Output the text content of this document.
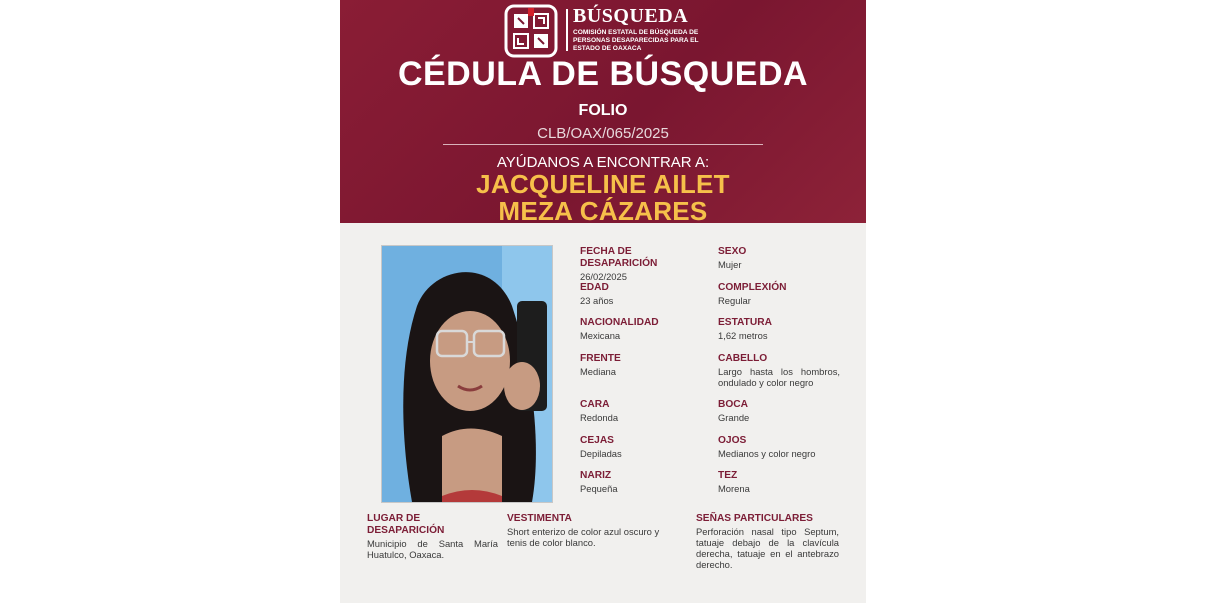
BÚSQUEDA
COMISIÓN ESTATAL DE BÚSQUEDA DE PERSONAS DESAPARECIDAS PARA EL ESTADO DE OAXACA
CÉDULA DE BÚSQUEDA
FOLIO
CLB/OAX/065/2025
AYÚDANOS A ENCONTRAR A:
JACQUELINE AILET
MEZA CÁZARES
FECHA DE DESAPARICIÓN
26/02/2025
EDAD
23 años
NACIONALIDAD
Mexicana
FRENTE
Mediana
CARA
Redonda
CEJAS
Depiladas
NARIZ
Pequeña
SEXO
Mujer
COMPLEXIÓN
Regular
ESTATURA
1,62 metros
CABELLO
Largo hasta los hombros, ondulado y color negro
BOCA
Grande
OJOS
Medianos y color negro
TEZ
Morena
LUGAR DE DESAPARICIÓN
Municipio de Santa María Huatulco, Oaxaca.
VESTIMENTA
Short enterizo de color azul oscuro y tenis de color blanco.
SEÑAS PARTICULARES
Perforación nasal tipo Septum, tatuaje debajo de la clavícula derecha, tatuaje en el antebrazo derecho.
